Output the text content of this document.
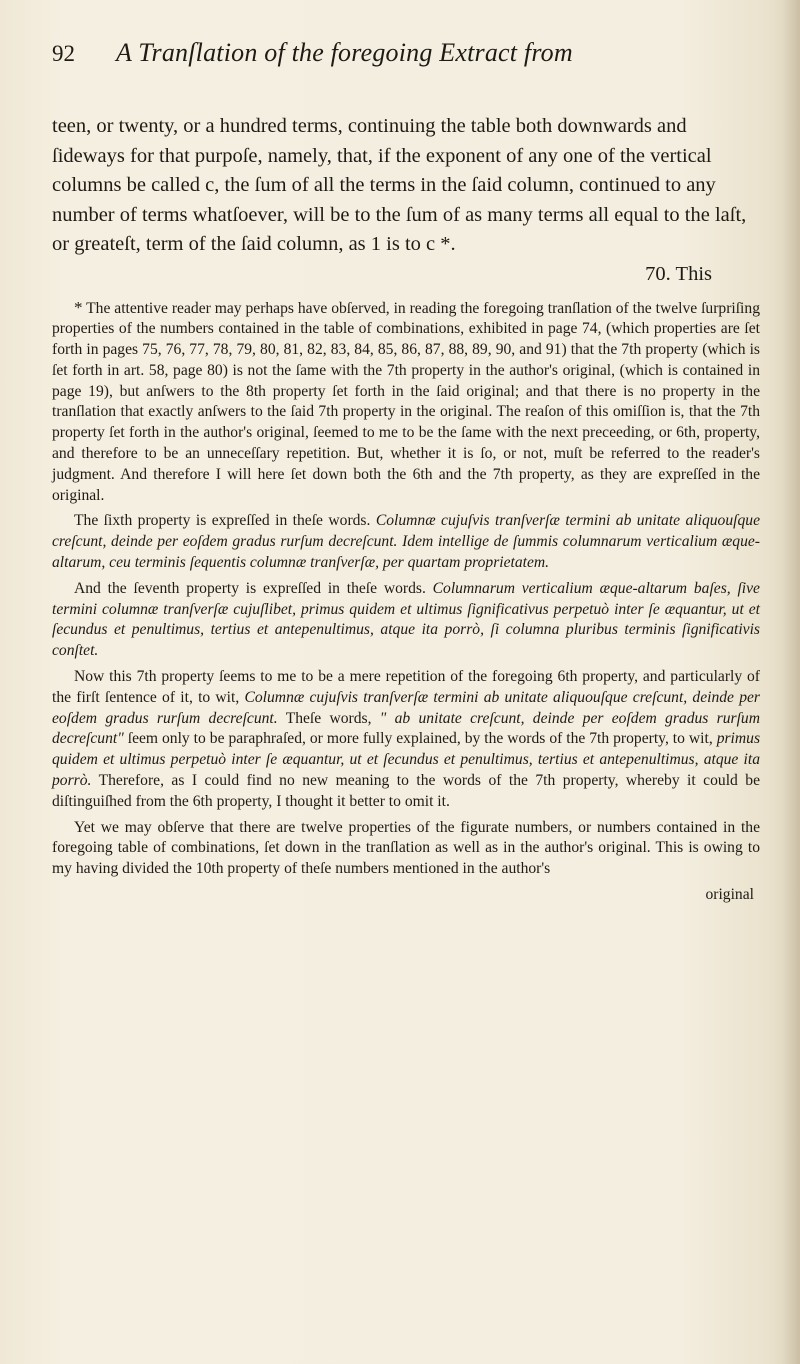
92	A Tranſlation of the foregoing Extract from

teen, or twenty, or a hundred terms, continuing the table both downwards and ſideways for that purpoſe, namely, that, if the exponent of any one of the vertical columns be called c, the ſum of all the terms in the ſaid column, continued to any number of terms whatſoever, will be to the ſum of as many terms all equal to the laſt, or greateſt, term of the ſaid column, as 1 is to c *.

70. This

* The attentive reader may perhaps have obſerved, in reading the foregoing tranſlation of the twelve ſurpriſing properties of the numbers contained in the table of combinations, exhibited in page 74, (which properties are ſet forth in pages 75, 76, 77, 78, 79, 80, 81, 82, 83, 84, 85, 86, 87, 88, 89, 90, and 91) that the 7th property (which is ſet forth in art. 58, page 80) is not the ſame with the 7th property in the author's original, (which is contained in page 19), but anſwers to the 8th property ſet forth in the ſaid original; and that there is no property in the tranſlation that exactly anſwers to the ſaid 7th property in the original. The reaſon of this omiſſion is, that the 7th property ſet forth in the author's original, ſeemed to me to be the ſame with the next preceeding, or 6th, property, and therefore to be an unneceſſary repetition. But, whether it is ſo, or not, muſt be referred to the reader's judgment. And therefore I will here ſet down both the 6th and the 7th property, as they are expreſſed in the original.

The ſixth property is expreſſed in theſe words. Columnæ cujuſvis tranſverſæ termini ab unitate aliquouſque creſcunt, deinde per eoſdem gradus rurſum decreſcunt. Idem intellige de ſummis columnarum verticalium æque-altarum, ceu terminis ſequentis columnæ tranſverſæ, per quartam proprietatem.

And the ſeventh property is expreſſed in theſe words. Columnarum verticalium æque-altarum baſes, ſive termini columnæ tranſverſæ cujuſlibet, primus quidem et ultimus ſignificativus perpetuò inter ſe æquantur, ut et ſecundus et penultimus, tertius et antepenultimus, atque ita porrò, ſi columna pluribus terminis ſignificativis conſtet.

Now this 7th property ſeems to me to be a mere repetition of the foregoing 6th property, and particularly of the firſt ſentence of it, to wit, Columnæ cujuſvis tranſverſæ termini ab unitate aliquouſque creſcunt, deinde per eoſdem gradus rurſum decreſcunt. Theſe words, " ab unitate creſcunt, deinde per eoſdem gradus rurſum decreſcunt" ſeem only to be paraphraſed, or more fully explained, by the words of the 7th property, to wit, primus quidem et ultimus perpetuò inter ſe æquantur, ut et ſecundus et penultimus, tertius et antepenultimus, atque ita porrò. Therefore, as I could find no new meaning to the words of the 7th property, whereby it could be diſtinguiſhed from the 6th property, I thought it better to omit it.

Yet we may obſerve that there are twelve properties of the figurate numbers, or numbers contained in the foregoing table of combinations, ſet down in the tranſlation as well as in the author's original. This is owing to my having divided the 10th property of theſe numbers mentioned in the author's

original
